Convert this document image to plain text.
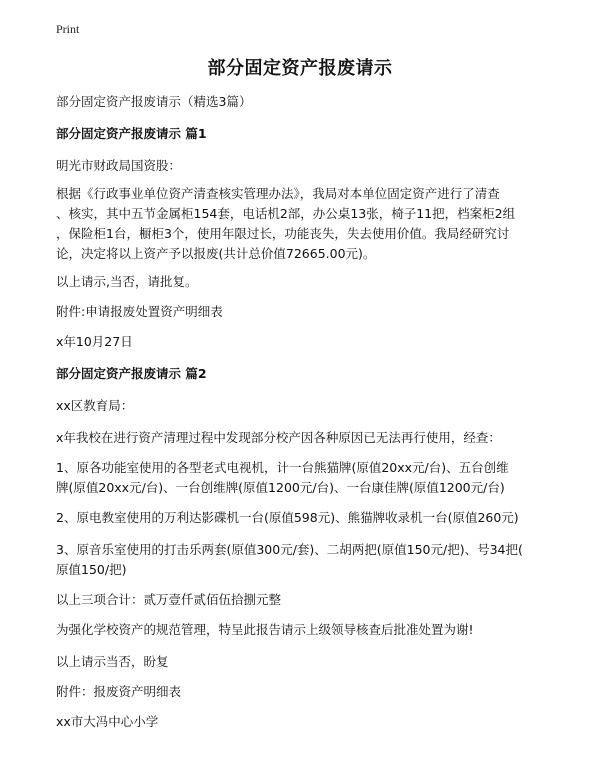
Print
部分固定资产报废请示
部分固定资产报废请示（精选3篇）
部分固定资产报废请示 篇1
明光市财政局国资股：
根据《行政事业单位资产清查核实管理办法》，我局对本单位固定资产进行了清查
、核实，其中五节金属柜154套，电话机2部，办公桌13张，椅子11把，档案柜2组
，保险柜1台，橱柜3个，使用年限过长，功能丧失，失去使用价值。我局经研究讨
论，决定将以上资产予以报废(共计总价值72665.00元)。
以上请示,当否，请批复。
附件:申请报废处置资产明细表
x年10月27日
部分固定资产报废请示 篇2
xx区教育局：
x年我校在进行资产清理过程中发现部分校产因各种原因已无法再行使用，经查：
1、原各功能室使用的各型老式电视机，计一台熊猫牌(原值20xx元/台)、五台创维
牌(原值20xx元/台)、一台创维牌(原值1200元/台)、一台康佳牌(原值1200元/台)
2、原电教室使用的万利达影碟机一台(原值598元)、熊猫牌收录机一台(原值260元)
3、原音乐室使用的打击乐两套(原值300元/套)、二胡两把(原值150元/把)、号34把(
原值150/把)
以上三项合计：贰万壹仟贰佰伍拾捌元整
为强化学校资产的规范管理，特呈此报告请示上级领导核查后批准处置为谢!
以上请示当否，盼复
附件：报废资产明细表
xx市大冯中心小学
